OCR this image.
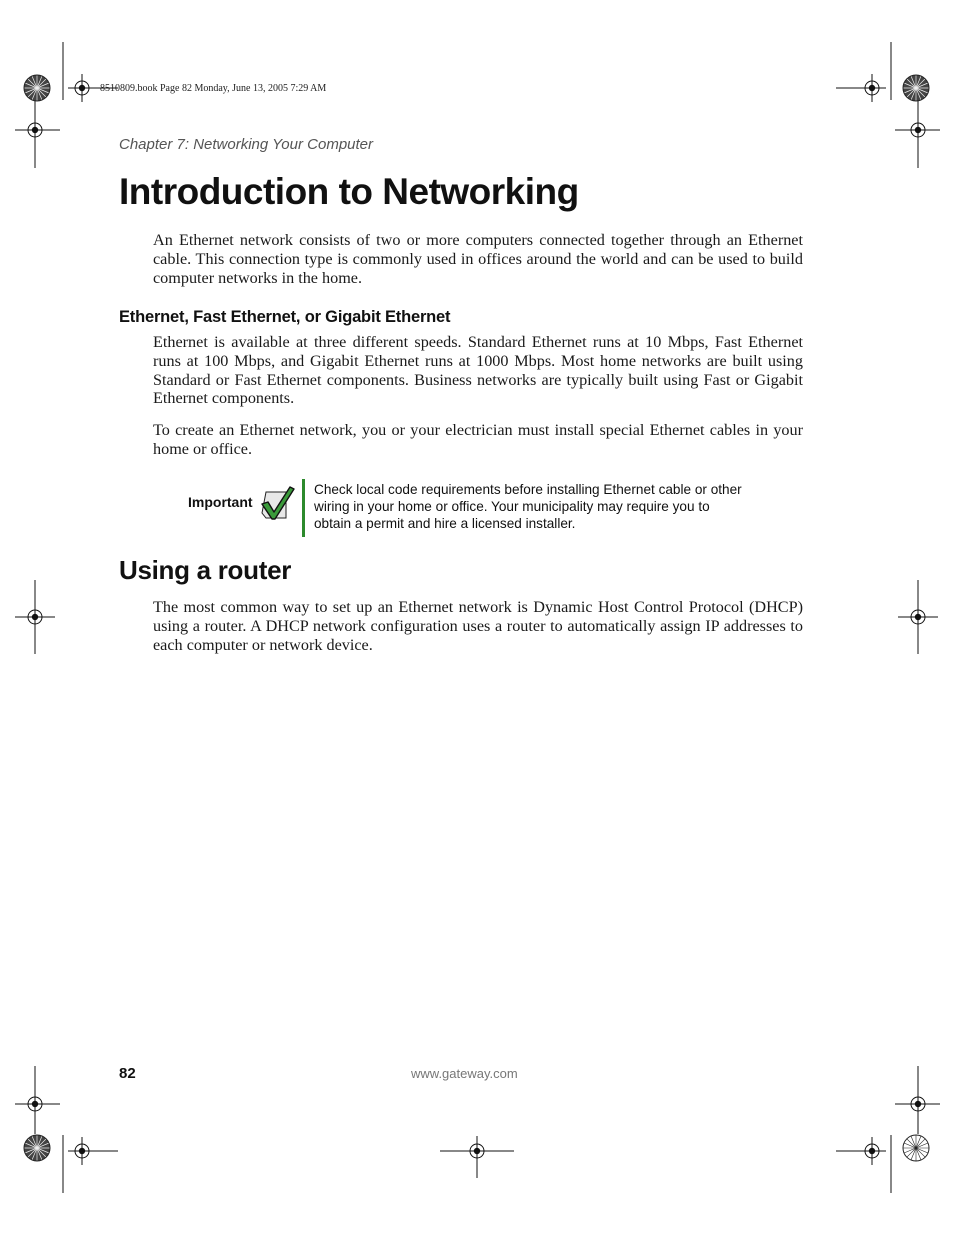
8510809.book Page 82 Monday, June 13, 2005 7:29 AM
Chapter 7: Networking Your Computer
Introduction to Networking

An Ethernet network consists of two or more computers connected together through an Ethernet cable. This connection type is commonly used in offices around the world and can be used to build computer networks in the home.

Ethernet, Fast Ethernet, or Gigabit Ethernet

Ethernet is available at three different speeds. Standard Ethernet runs at 10 Mbps, Fast Ethernet runs at 100 Mbps, and Gigabit Ethernet runs at 1000 Mbps. Most home networks are built using Standard or Fast Ethernet components. Business networks are typically built using Fast or Gigabit Ethernet components.

To create an Ethernet network, you or your electrician must install special Ethernet cables in your home or office.

Important

Check local code requirements before installing Ethernet cable or other wiring in your home or office. Your municipality may require you to obtain a permit and hire a licensed installer.

Using a router

The most common way to set up an Ethernet network is Dynamic Host Control Protocol (DHCP) using a router. A DHCP network configuration uses a router to automatically assign IP addresses to each computer or network device.

82	www.gateway.com
